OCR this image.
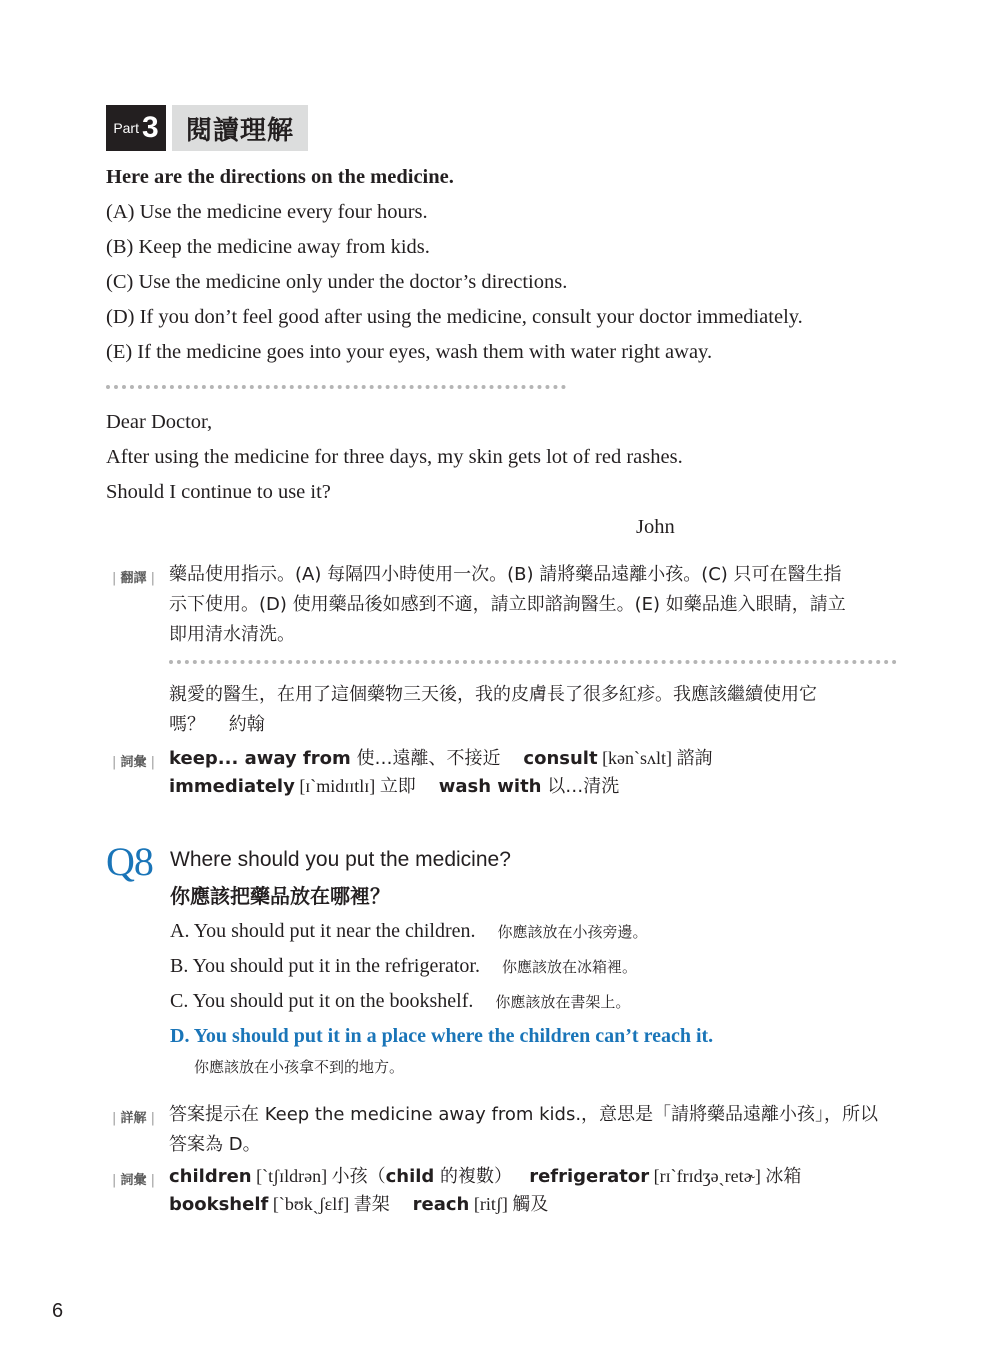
Part 3	閱讀理解
Here are the directions on the medicine.
(A) Use the medicine every four hours.
(B) Keep the medicine away from kids.
(C) Use the medicine only under the doctor’s directions.
(D) If you don’t feel good after using the medicine, consult your doctor immediately.
(E) If the medicine goes into your eyes, wash them with water right away.
Dear Doctor,
After using the medicine for three days, my skin gets lot of red rashes.
Should I continue to use it?
John
| 翻譯 | 藥品使用指示。(A) 每隔四小時使用一次。(B) 請將藥品遠離小孩。(C) 只可在醫生指
示下使用。(D) 使用藥品後如感到不適，請立即諮詢醫生。(E) 如藥品進入眼睛，請立
即用清水清洗。
親愛的醫生，在用了這個藥物三天後，我的皮膚長了很多紅疹。我應該繼續使用它
嗎？　 約翰
| 詞彙 | keep... away from 使…遠離、不接近 consult [kən`sʌlt] 諮詢
immediately [ɪ`midɪɪtlɪ] 立即 wash with 以…清洗
Q8 Where should you put the medicine?
你應該把藥品放在哪裡？
A. You should put it near the children. 你應該放在小孩旁邊。
B. You should put it in the refrigerator. 你應該放在冰箱裡。
C. You should put it on the bookshelf. 你應該放在書架上。
D. You should put it in a place where the children can’t reach it.
你應該放在小孩拿不到的地方。
| 詳解 | 答案提示在 Keep the medicine away from kids.，意思是「請將藥品遠離小孩」，所以
答案為 D。
| 詞彙 | children [`tʃɪldrən] 小孩（child 的複數） refrigerator [rɪ`frɪdʒəˏretɚ] 冰箱
bookshelf [`bʊkˏʃɛlf] 書架 reach [ritʃ] 觸及
6
